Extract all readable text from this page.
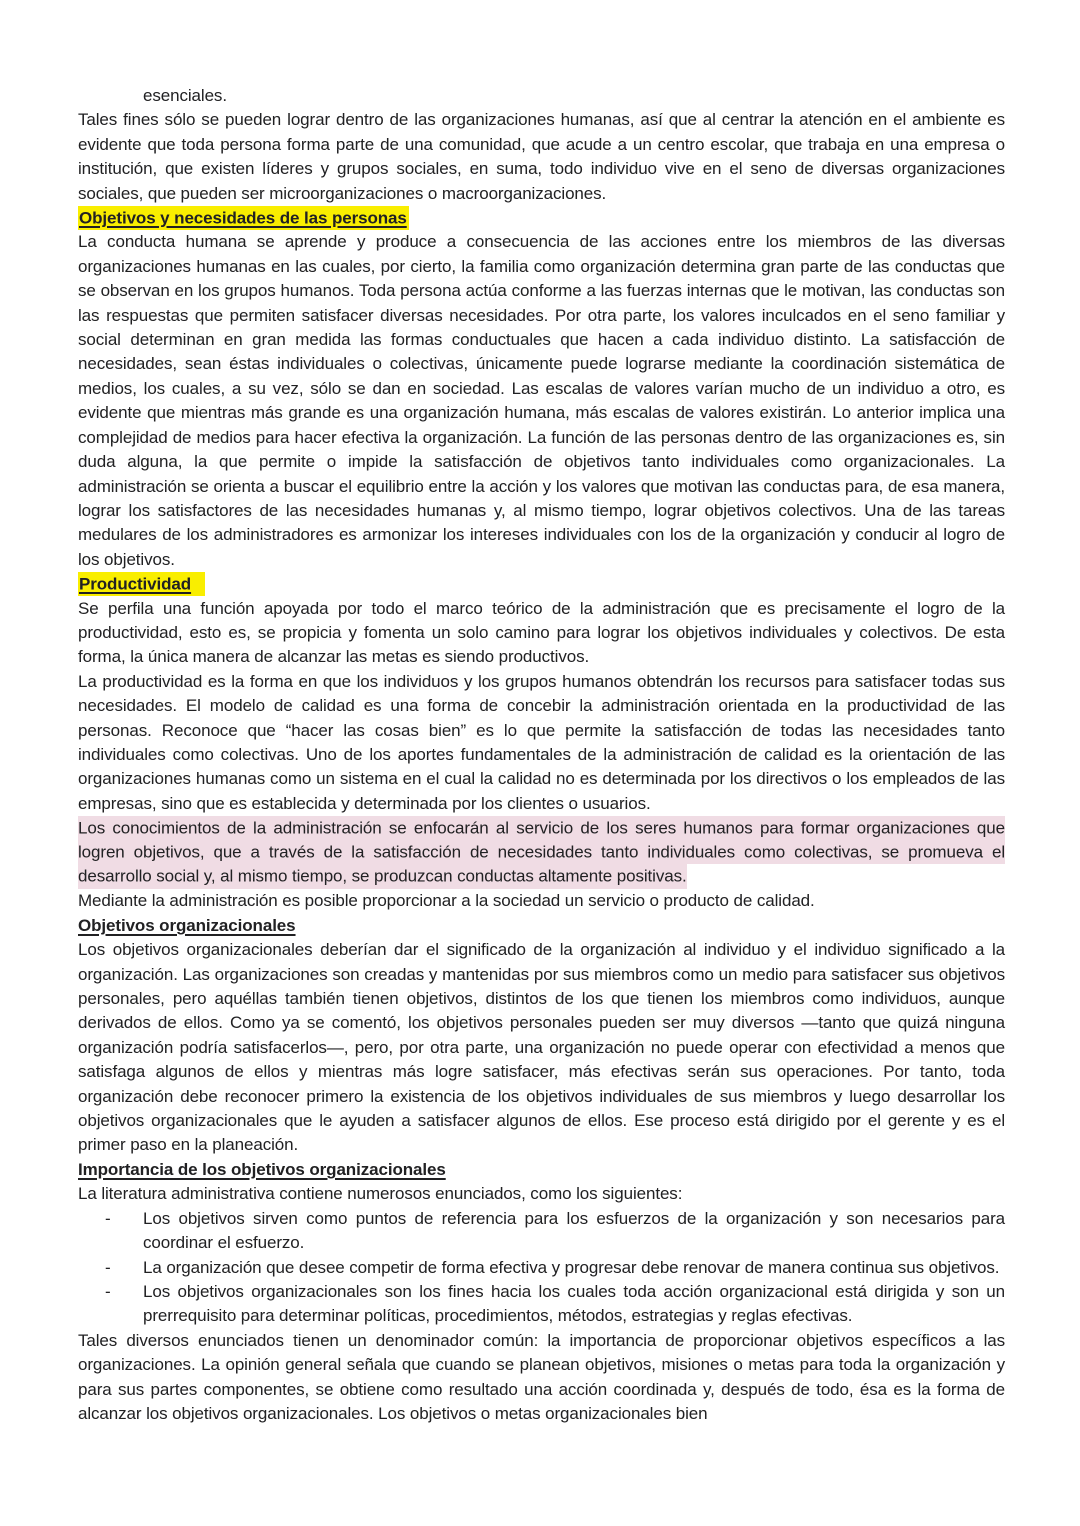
esenciales.

Tales fines sólo se pueden lograr dentro de las organizaciones humanas, así que al centrar la atención en el ambiente es evidente que toda persona forma parte de una comunidad, que acude a un centro escolar, que trabaja en una empresa o institución, que existen líderes y grupos sociales, en suma, todo individuo vive en el seno de diversas organizaciones sociales, que pueden ser microorganizaciones o macroorganizaciones.

Objetivos y necesidades de las personas

La conducta humana se aprende y produce a consecuencia de las acciones entre los miembros de las diversas organizaciones humanas en las cuales, por cierto, la familia como organización determina gran parte de las conductas que se observan en los grupos humanos. Toda persona actúa conforme a las fuerzas internas que le motivan, las conductas son las respuestas que permiten satisfacer diversas necesidades. Por otra parte, los valores inculcados en el seno familiar y social determinan en gran medida las formas conductuales que hacen a cada individuo distinto. La satisfacción de necesidades, sean éstas individuales o colectivas, únicamente puede lograrse mediante la coordinación sistemática de medios, los cuales, a su vez, sólo se dan en sociedad. Las escalas de valores varían mucho de un individuo a otro, es evidente que mientras más grande es una organización humana, más escalas de valores existirán. Lo anterior implica una complejidad de medios para hacer efectiva la organización. La función de las personas dentro de las organizaciones es, sin duda alguna, la que permite o impide la satisfacción de objetivos tanto individuales como organizacionales. La administración se orienta a buscar el equilibrio entre la acción y los valores que motivan las conductas para, de esa manera, lograr los satisfactores de las necesidades humanas y, al mismo tiempo, lograr objetivos colectivos. Una de las tareas medulares de los administradores es armonizar los intereses individuales con los de la organización y conducir al logro de los objetivos.

Productividad

Se perfila una función apoyada por todo el marco teórico de la administración que es precisamente el logro de la productividad, esto es, se propicia y fomenta un solo camino para lograr los objetivos individuales y colectivos. De esta forma, la única manera de alcanzar las metas es siendo productivos.

La productividad es la forma en que los individuos y los grupos humanos obtendrán los recursos para satisfacer todas sus necesidades. El modelo de calidad es una forma de concebir la administración orientada en la productividad de las personas. Reconoce que “hacer las cosas bien” es lo que permite la satisfacción de todas las necesidades tanto individuales como colectivas. Uno de los aportes fundamentales de la administración de calidad es la orientación de las organizaciones humanas como un sistema en el cual la calidad no es determinada por los directivos o los empleados de las empresas, sino que es establecida y determinada por los clientes o usuarios.

Los conocimientos de la administración se enfocarán al servicio de los seres humanos para formar organizaciones que logren objetivos, que a través de la satisfacción de necesidades tanto individuales como colectivas, se promueva el desarrollo social y, al mismo tiempo, se produzcan conductas altamente positivas.

Mediante la administración es posible proporcionar a la sociedad un servicio o producto de calidad.

Objetivos organizacionales

Los objetivos organizacionales deberían dar el significado de la organización al individuo y el individuo significado a la organización. Las organizaciones son creadas y mantenidas por sus miembros como un medio para satisfacer sus objetivos personales, pero aquéllas también tienen objetivos, distintos de los que tienen los miembros como individuos, aunque derivados de ellos. Como ya se comentó, los objetivos personales pueden ser muy diversos —tanto que quizá ninguna organización podría satisfacerlos—, pero, por otra parte, una organización no puede operar con efectividad a menos que satisfaga algunos de ellos y mientras más logre satisfacer, más efectivas serán sus operaciones. Por tanto, toda organización debe reconocer primero la existencia de los objetivos individuales de sus miembros y luego desarrollar los objetivos organizacionales que le ayuden a satisfacer algunos de ellos. Ese proceso está dirigido por el gerente y es el primer paso en la planeación.

Importancia de los objetivos organizacionales

La literatura administrativa contiene numerosos enunciados, como los siguientes:

- Los objetivos sirven como puntos de referencia para los esfuerzos de la organización y son necesarios para coordinar el esfuerzo.

- La organización que desee competir de forma efectiva y progresar debe renovar de manera continua sus objetivos.

- Los objetivos organizacionales son los fines hacia los cuales toda acción organizacional está dirigida y son un prerrequisito para determinar políticas, procedimientos, métodos, estrategias y reglas efectivas.

Tales diversos enunciados tienen un denominador común: la importancia de proporcionar objetivos específicos a las organizaciones. La opinión general señala que cuando se planean objetivos, misiones o metas para toda la organización y para sus partes componentes, se obtiene como resultado una acción coordinada y, después de todo, ésa es la forma de alcanzar los objetivos organizacionales. Los objetivos o metas organizacionales bien
